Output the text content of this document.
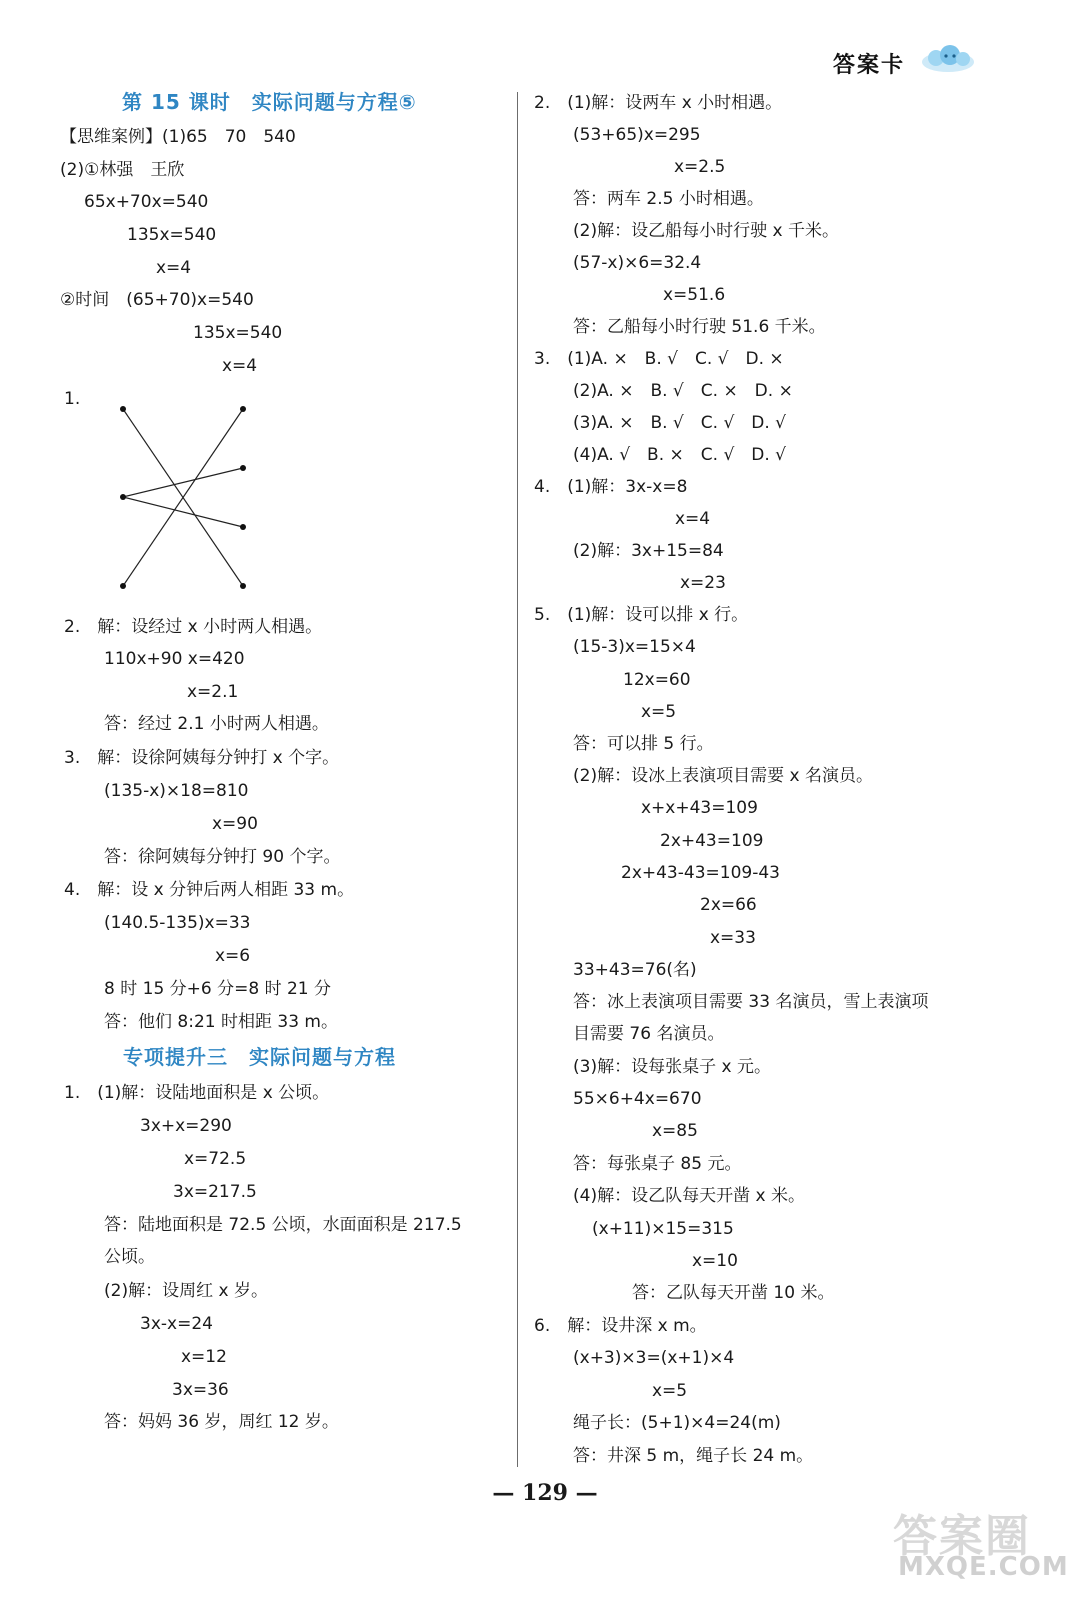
答案卡
第 15 课时　实际问题与方程⑤
【思维案例】(1)65　70　540
(2)①林强　王欣
65x+70x=540
135x=540
x=4
②时间　(65+70)x=540
135x=540
x=4
1.
2.　解：设经过 x 小时两人相遇。
110x+90 x=420
x=2.1
答：经过 2.1 小时两人相遇。
3.　解：设徐阿姨每分钟打 x 个字。
(135-x)×18=810
x=90
答：徐阿姨每分钟打 90 个字。
4.　解：设 x 分钟后两人相距 33 m。
(140.5-135)x=33
x=6
8 时 15 分+6 分=8 时 21 分
答：他们 8:21 时相距 33 m。
专项提升三　实际问题与方程
1.　(1)解：设陆地面积是 x 公顷。
3x+x=290
x=72.5
3x=217.5
答：陆地面积是 72.5 公顷，水面面积是 217.5
公顷。
(2)解：设周红 x 岁。
3x-x=24
x=12
3x=36
答：妈妈 36 岁，周红 12 岁。
2.　(1)解：设两车 x 小时相遇。
(53+65)x=295
x=2.5
答：两车 2.5 小时相遇。
(2)解：设乙船每小时行驶 x 千米。
(57-x)×6=32.4
x=51.6
答：乙船每小时行驶 51.6 千米。
3.　(1)A. ×　B. √　C. √　D. ×
(2)A. ×　B. √　C. ×　D. ×
(3)A. ×　B. √　C. √　D. √
(4)A. √　B. ×　C. √　D. √
4.　(1)解：3x-x=8
x=4
(2)解：3x+15=84
x=23
5.　(1)解：设可以排 x 行。
(15-3)x=15×4
12x=60
x=5
答：可以排 5 行。
(2)解：设冰上表演项目需要 x 名演员。
x+x+43=109
2x+43=109
2x+43-43=109-43
2x=66
x=33
33+43=76(名)
答：冰上表演项目需要 33 名演员，雪上表演项
目需要 76 名演员。
(3)解：设每张桌子 x 元。
55×6+4x=670
x=85
答：每张桌子 85 元。
(4)解：设乙队每天开凿 x 米。
(x+11)×15=315
x=10
答：乙队每天开凿 10 米。
6.　解：设井深 x m。
(x+3)×3=(x+1)×4
x=5
绳子长：(5+1)×4=24(m)
答：井深 5 m，绳子长 24 m。
— 129 —
答案圈
MXQE.COM
